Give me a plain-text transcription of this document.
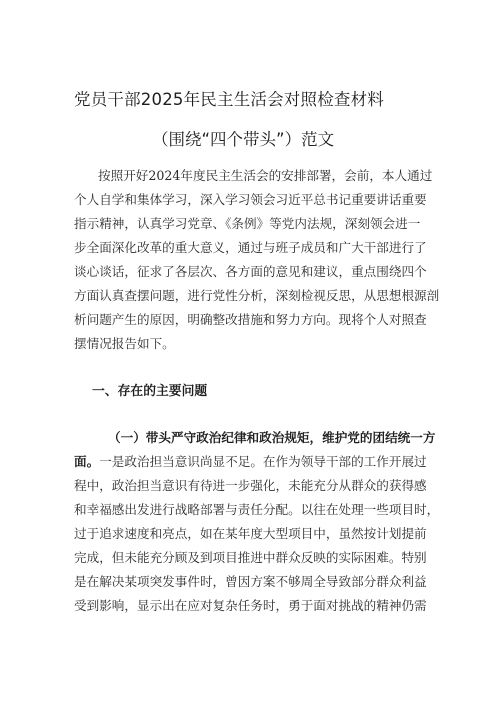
党员干部2025年民主生活会对照检查材料
（围绕“四个带头”）范文
按照开好2024年度民主生活会的安排部署，会前，本人通过
个人自学和集体学习，深入学习领会习近平总书记重要讲话重要
指示精神，认真学习党章、《条例》等党内法规，深刻领会进一
步全面深化改革的重大意义，通过与班子成员和广大干部进行了
谈心谈话，征求了各层次、各方面的意见和建议，重点围绕四个
方面认真查摆问题，进行党性分析，深刻检视反思，从思想根源剖
析问题产生的原因，明确整改措施和努力方向。现将个人对照查
摆情况报告如下。
一、存在的主要问题
（一）带头严守政治纪律和政治规矩，维护党的团结统一方
面。一是政治担当意识尚显不足。在作为领导干部的工作开展过
程中，政治担当意识有待进一步强化，未能充分从群众的获得感
和幸福感出发进行战略部署与责任分配。以往在处理一些项目时，
过于追求速度和亮点，如在某年度大型项目中，虽然按计划提前
完成，但未能充分顾及到项目推进中群众反映的实际困难。特别
是在解决某项突发事件时，曾因方案不够周全导致部分群众利益
受到影响，显示出在应对复杂任务时，勇于面对挑战的精神仍需
